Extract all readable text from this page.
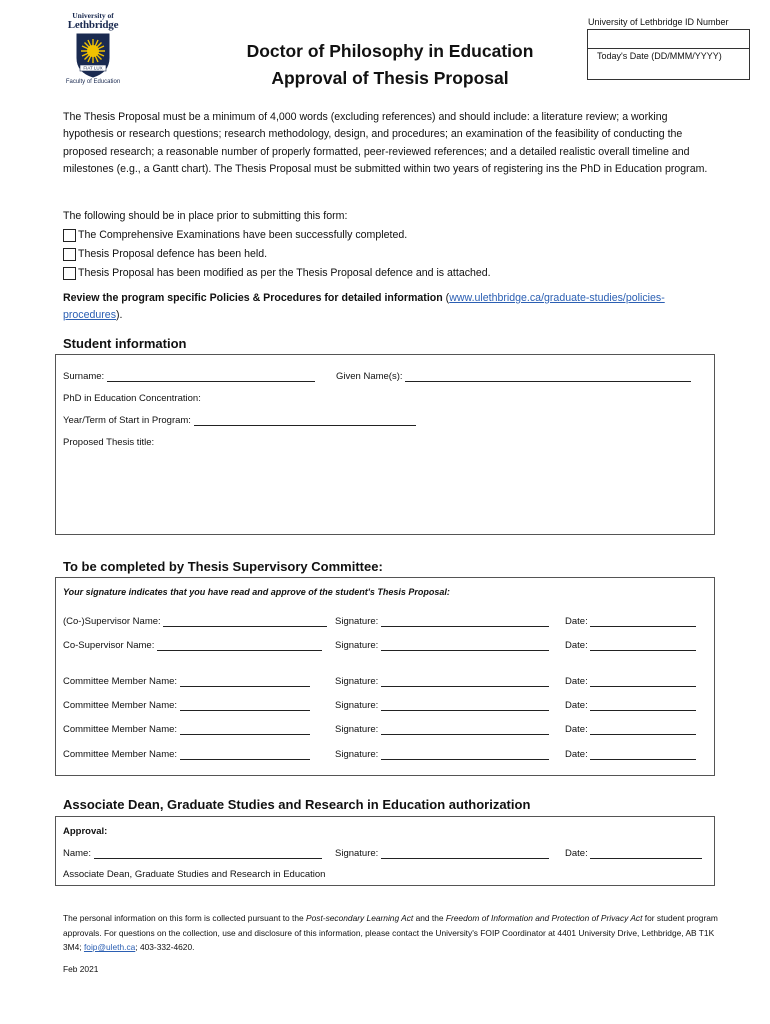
University of
Lethbridge
FIAT LUX
Faculty of Education
Doctor of Philosophy in Education
Approval of Thesis Proposal
University of Lethbridge ID Number
Today's Date (DD/MMM/YYYY)
The Thesis Proposal must be a minimum of 4,000 words (excluding references) and should include: a literature review; a working hypothesis or research questions; research methodology, design, and procedures; an examination of the feasibility of conducting the proposed research; a reasonable number of properly formatted, peer-reviewed references; and a detailed realistic overall timeline and milestones (e.g., a Gantt chart). The Thesis Proposal must be submitted within two years of registering ins the PhD in Education program.
The following should be in place prior to submitting this form:
The Comprehensive Examinations have been successfully completed.
Thesis Proposal defence has been held.
Thesis Proposal has been modified as per the Thesis Proposal defence and is attached.
Review the program specific Policies & Procedures for detailed information (www.ulethbridge.ca/graduate-studies/policies-procedures).
Student information
Surname:	Given Name(s):
PhD in Education Concentration:
Year/Term of Start in Program:
Proposed Thesis title:
To be completed by Thesis Supervisory Committee:
Your signature indicates that you have read and approve of the student's Thesis Proposal:
(Co-)Supervisor Name:	Signature:	Date:
Co-Supervisor Name:	Signature:	Date:
Committee Member Name:	Signature:	Date:
Committee Member Name:	Signature:	Date:
Committee Member Name:	Signature:	Date:
Committee Member Name:	Signature:	Date:
Associate Dean, Graduate Studies and Research in Education authorization
Approval:
Name:	Signature:	Date:
Associate Dean, Graduate Studies and Research in Education
The personal information on this form is collected pursuant to the Post-secondary Learning Act and the Freedom of Information and Protection of Privacy Act for student program approvals. For questions on the collection, use and disclosure of this information, please contact the University's FOIP Coordinator at 4401 University Drive, Lethbridge, AB T1K 3M4; foip@uleth.ca; 403-332-4620.
Feb 2021
